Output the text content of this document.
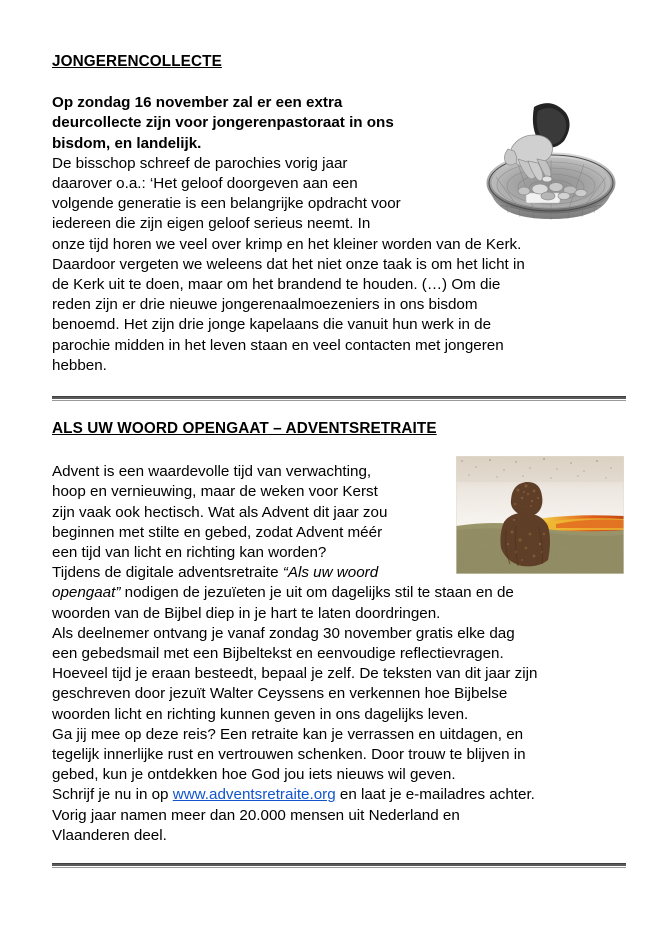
JONGERENCOLLECTE
Op zondag 16 november zal er een extra
deurcollecte zijn voor jongerenpastoraat in ons
bisdom, en landelijk.
De bisschop schreef de parochies vorig jaar
daarover o.a.: ‘Het geloof doorgeven aan een
volgende generatie is een belangrijke opdracht voor
iedereen die zijn eigen geloof serieus neemt. In
onze tijd horen we veel over krimp en het kleiner worden van de Kerk.
Daardoor vergeten we weleens dat het niet onze taak is om het licht in
de Kerk uit te doen, maar om het brandend te houden. (…) Om die
reden zijn er drie nieuwe jongerenaalmoezeniers in ons bisdom
benoemd. Het zijn drie jonge kapelaans die vanuit hun werk in de
parochie midden in het leven staan en veel contacten met jongeren
hebben.
ALS UW WOORD OPENGAAT – ADVENTSRETRAITE
Advent is een waardevolle tijd van verwachting,
hoop en vernieuwing, maar de weken voor Kerst
zijn vaak ook hectisch. Wat als Advent dit jaar zou
beginnen met stilte en gebed, zodat Advent méér
een tijd van licht en richting kan worden?
Tijdens de digitale adventsretraite “Als uw woord
opengaat” nodigen de jezuïeten je uit om dagelijks stil te staan en de
woorden van de Bijbel diep in je hart te laten doordringen.
Als deelnemer ontvang je vanaf zondag 30 november gratis elke dag
een gebedsmail met een Bijbeltekst en eenvoudige reflectievragen.
Hoeveel tijd je eraan besteedt, bepaal je zelf. De teksten van dit jaar zijn
geschreven door jezuït Walter Ceyssens en verkennen hoe Bijbelse
woorden licht en richting kunnen geven in ons dagelijks leven.
Ga jij mee op deze reis? Een retraite kan je verrassen en uitdagen, en
tegelijk innerlijke rust en vertrouwen schenken. Door trouw te blijven in
gebed, kun je ontdekken hoe God jou iets nieuws wil geven.
Schrijf je nu in op www.adventsretraite.org en laat je e-mailadres achter.
Vorig jaar namen meer dan 20.000 mensen uit Nederland en
Vlaanderen deel.
